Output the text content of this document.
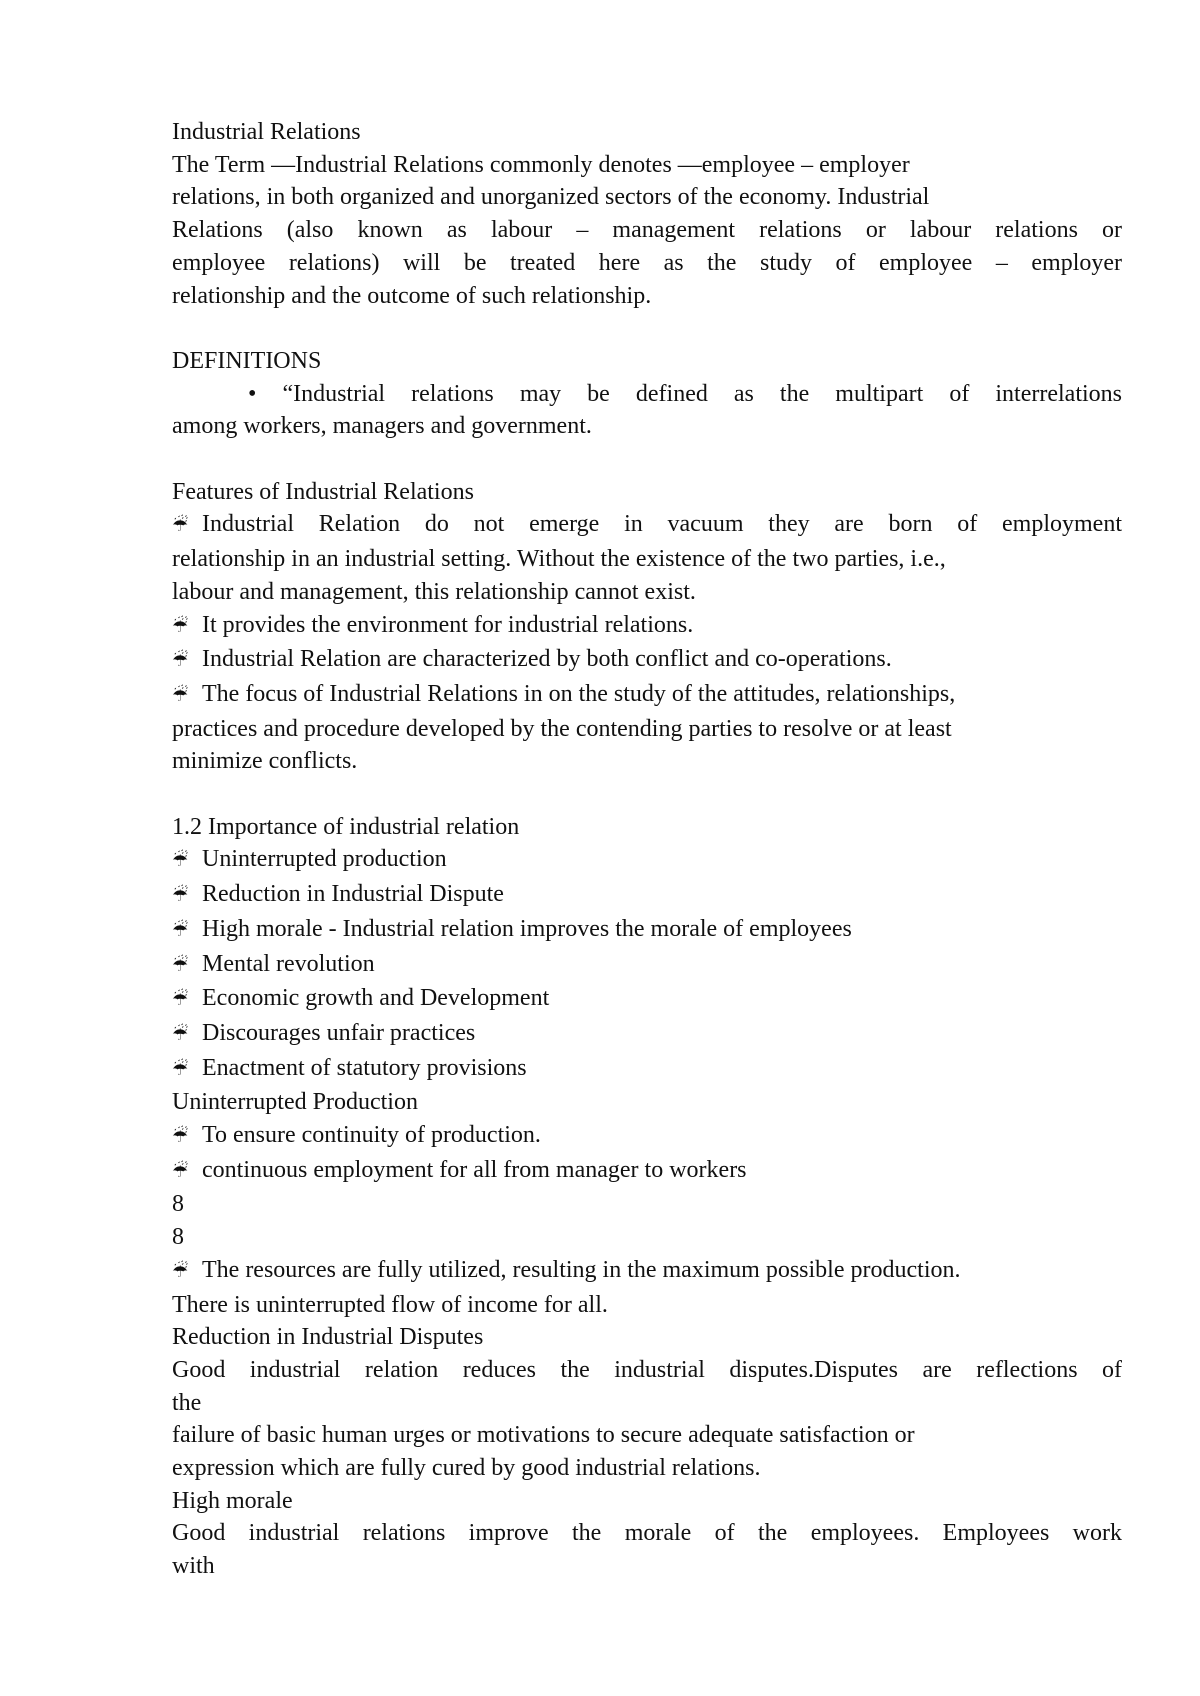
Industrial Relations

The Term —Industrial Relations commonly denotes —employee – employer

relations, in both organized and unorganized sectors of the economy. Industrial

Relations (also known as labour – management relations or labour relations or

employee relations) will be treated here as the study of employee – employer

relationship and the outcome of such relationship.

DEFINITIONS

• “Industrial relations may be defined as the multipart of interrelations

among workers, managers and government.

Features of Industrial Relations

☔ Industrial Relation do not emerge in vacuum they are born of employment

relationship in an industrial setting. Without the existence of the two parties, i.e.,

labour and management, this relationship cannot exist.

☔ It provides the environment for industrial relations.

☔ Industrial Relation are characterized by both conflict and co-operations.

☔ The focus of Industrial Relations in on the study of the attitudes, relationships,

practices and procedure developed by the contending parties to resolve or at least

minimize conflicts.

1.2 Importance of industrial relation

☔ Uninterrupted production

☔ Reduction in Industrial Dispute

☔ High morale - Industrial relation improves the morale of employees

☔ Mental revolution

☔ Economic growth and Development

☔ Discourages unfair practices

☔ Enactment of statutory provisions

Uninterrupted Production

☔ To ensure continuity of production.

☔ continuous employment for all from manager to workers

8

8

☔ The resources are fully utilized, resulting in the maximum possible production.

There is uninterrupted flow of income for all.

Reduction in Industrial Disputes

Good industrial relation reduces the industrial disputes.Disputes are reflections of

the

failure of basic human urges or motivations to secure adequate satisfaction or

expression which are fully cured by good industrial relations.

High morale

Good industrial relations improve the morale of the employees. Employees work

with
